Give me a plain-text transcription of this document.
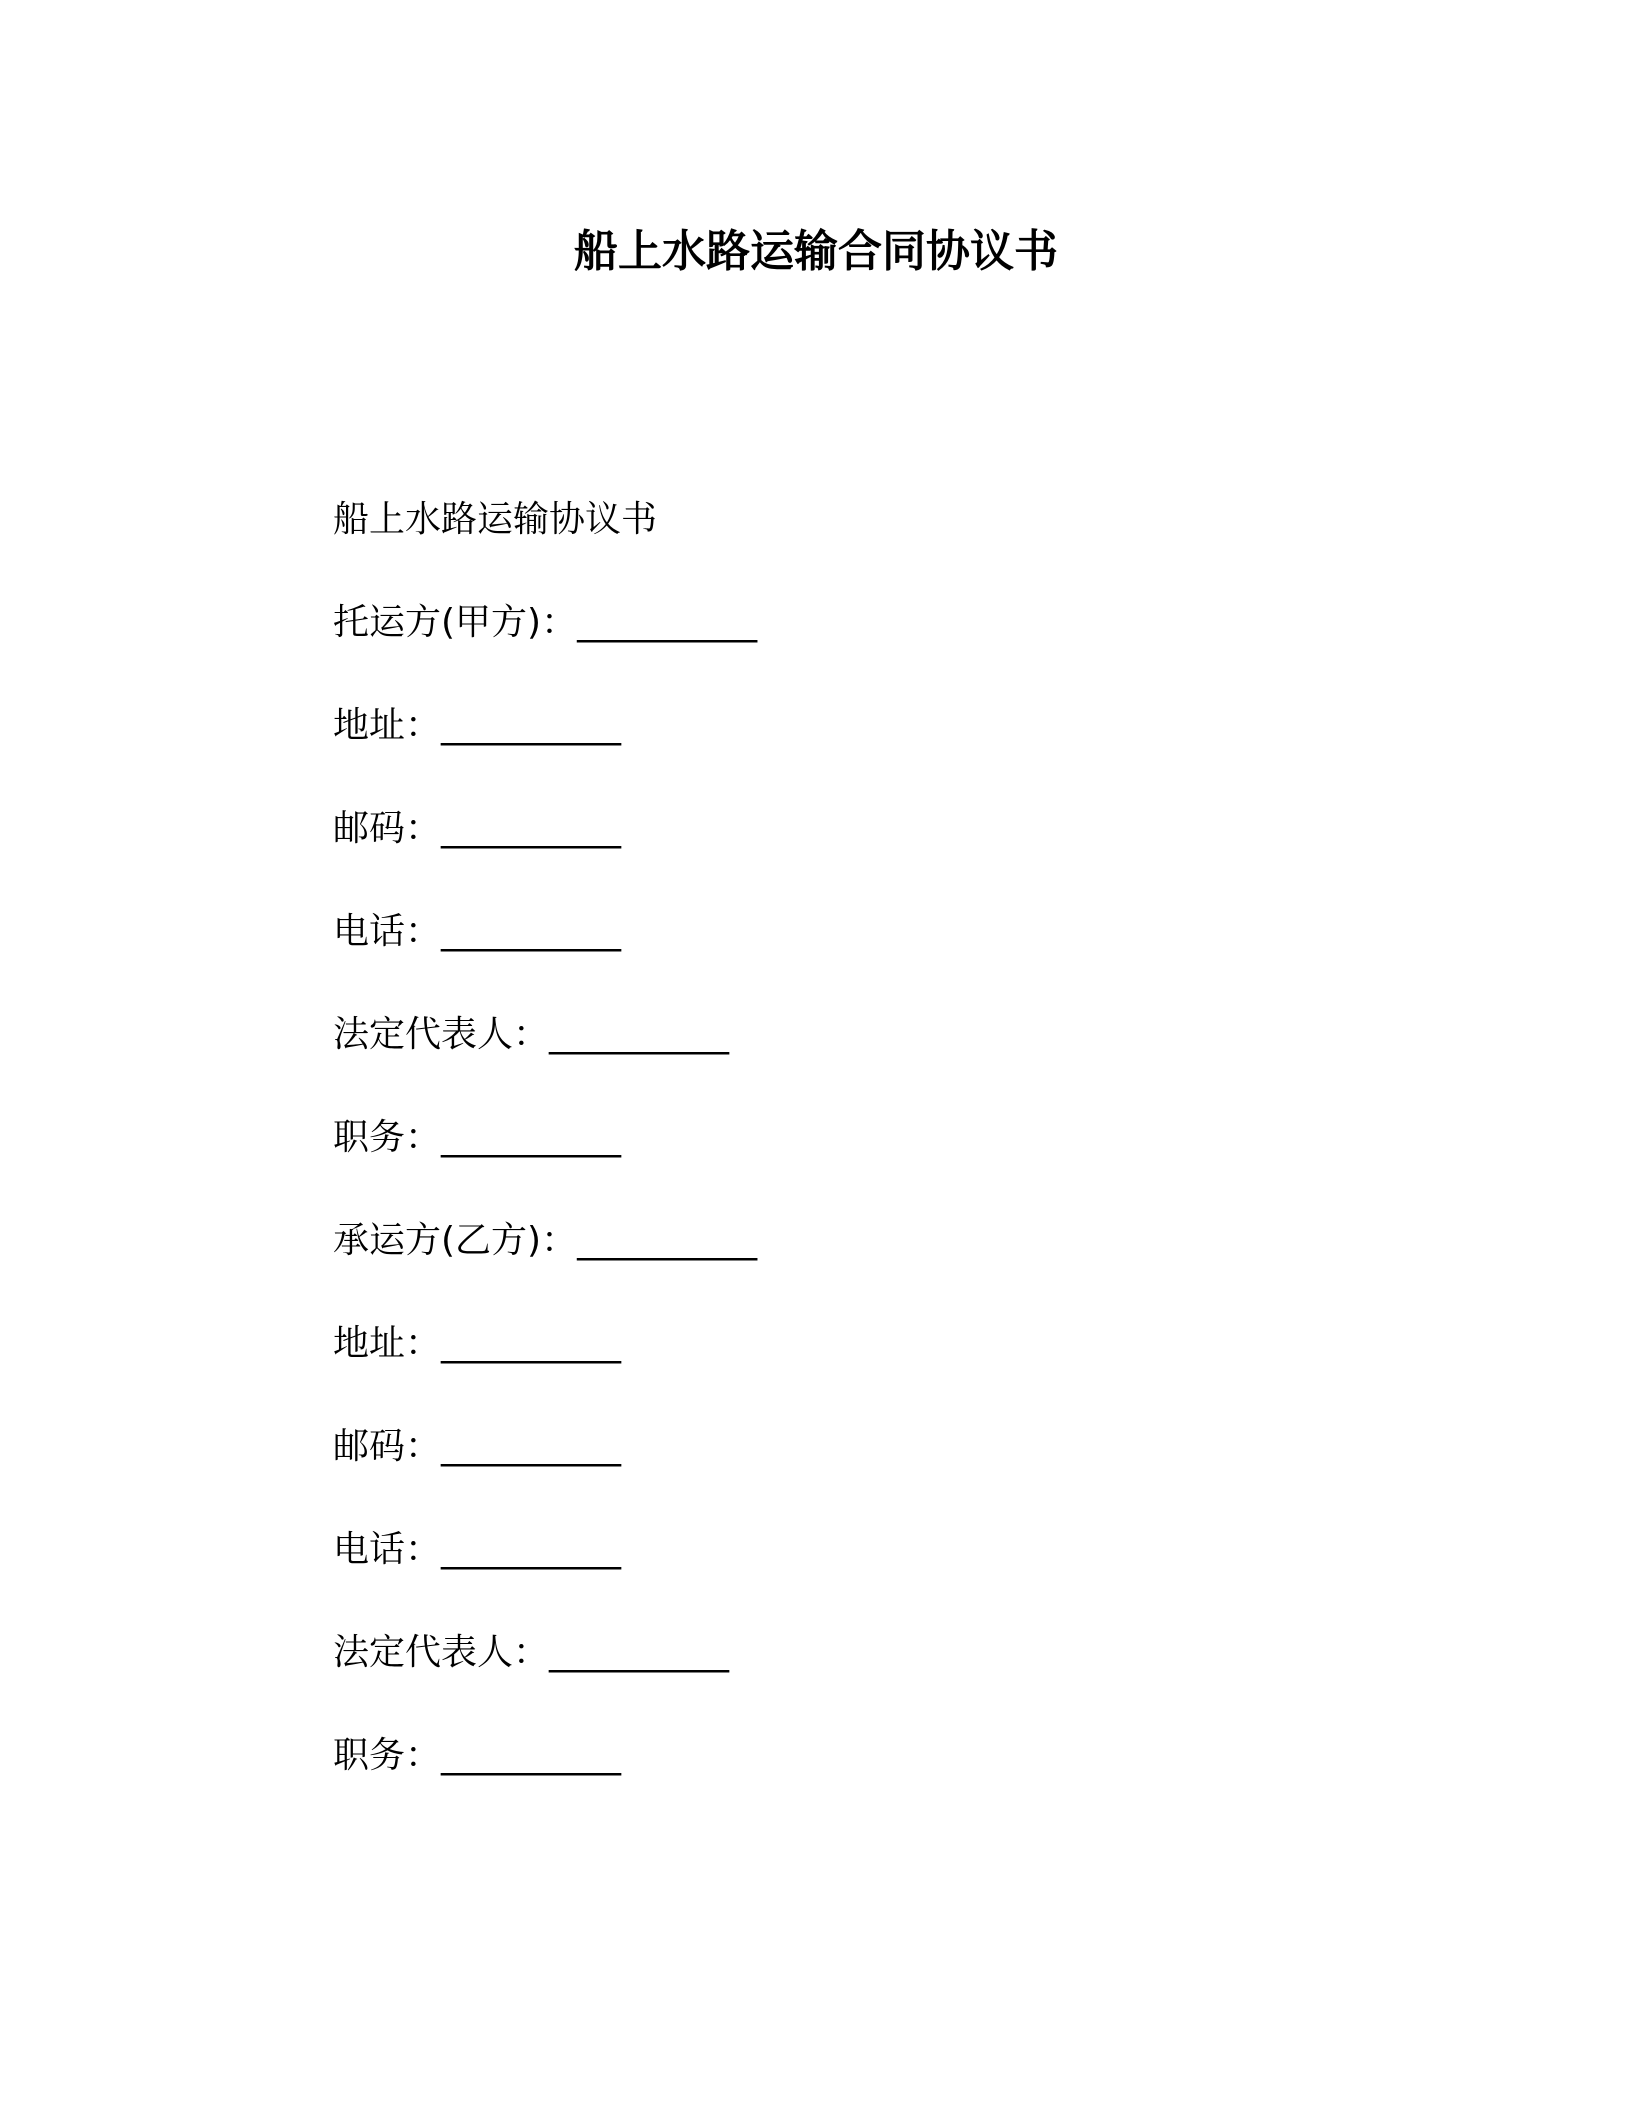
船上水路运输合同协议书
船上水路运输协议书
托运方(甲方)：__________
地址：__________
邮码：__________
电话：__________
法定代表人：__________
职务：__________
承运方(乙方)：__________
地址：__________
邮码：__________
电话：__________
法定代表人：__________
职务：__________
